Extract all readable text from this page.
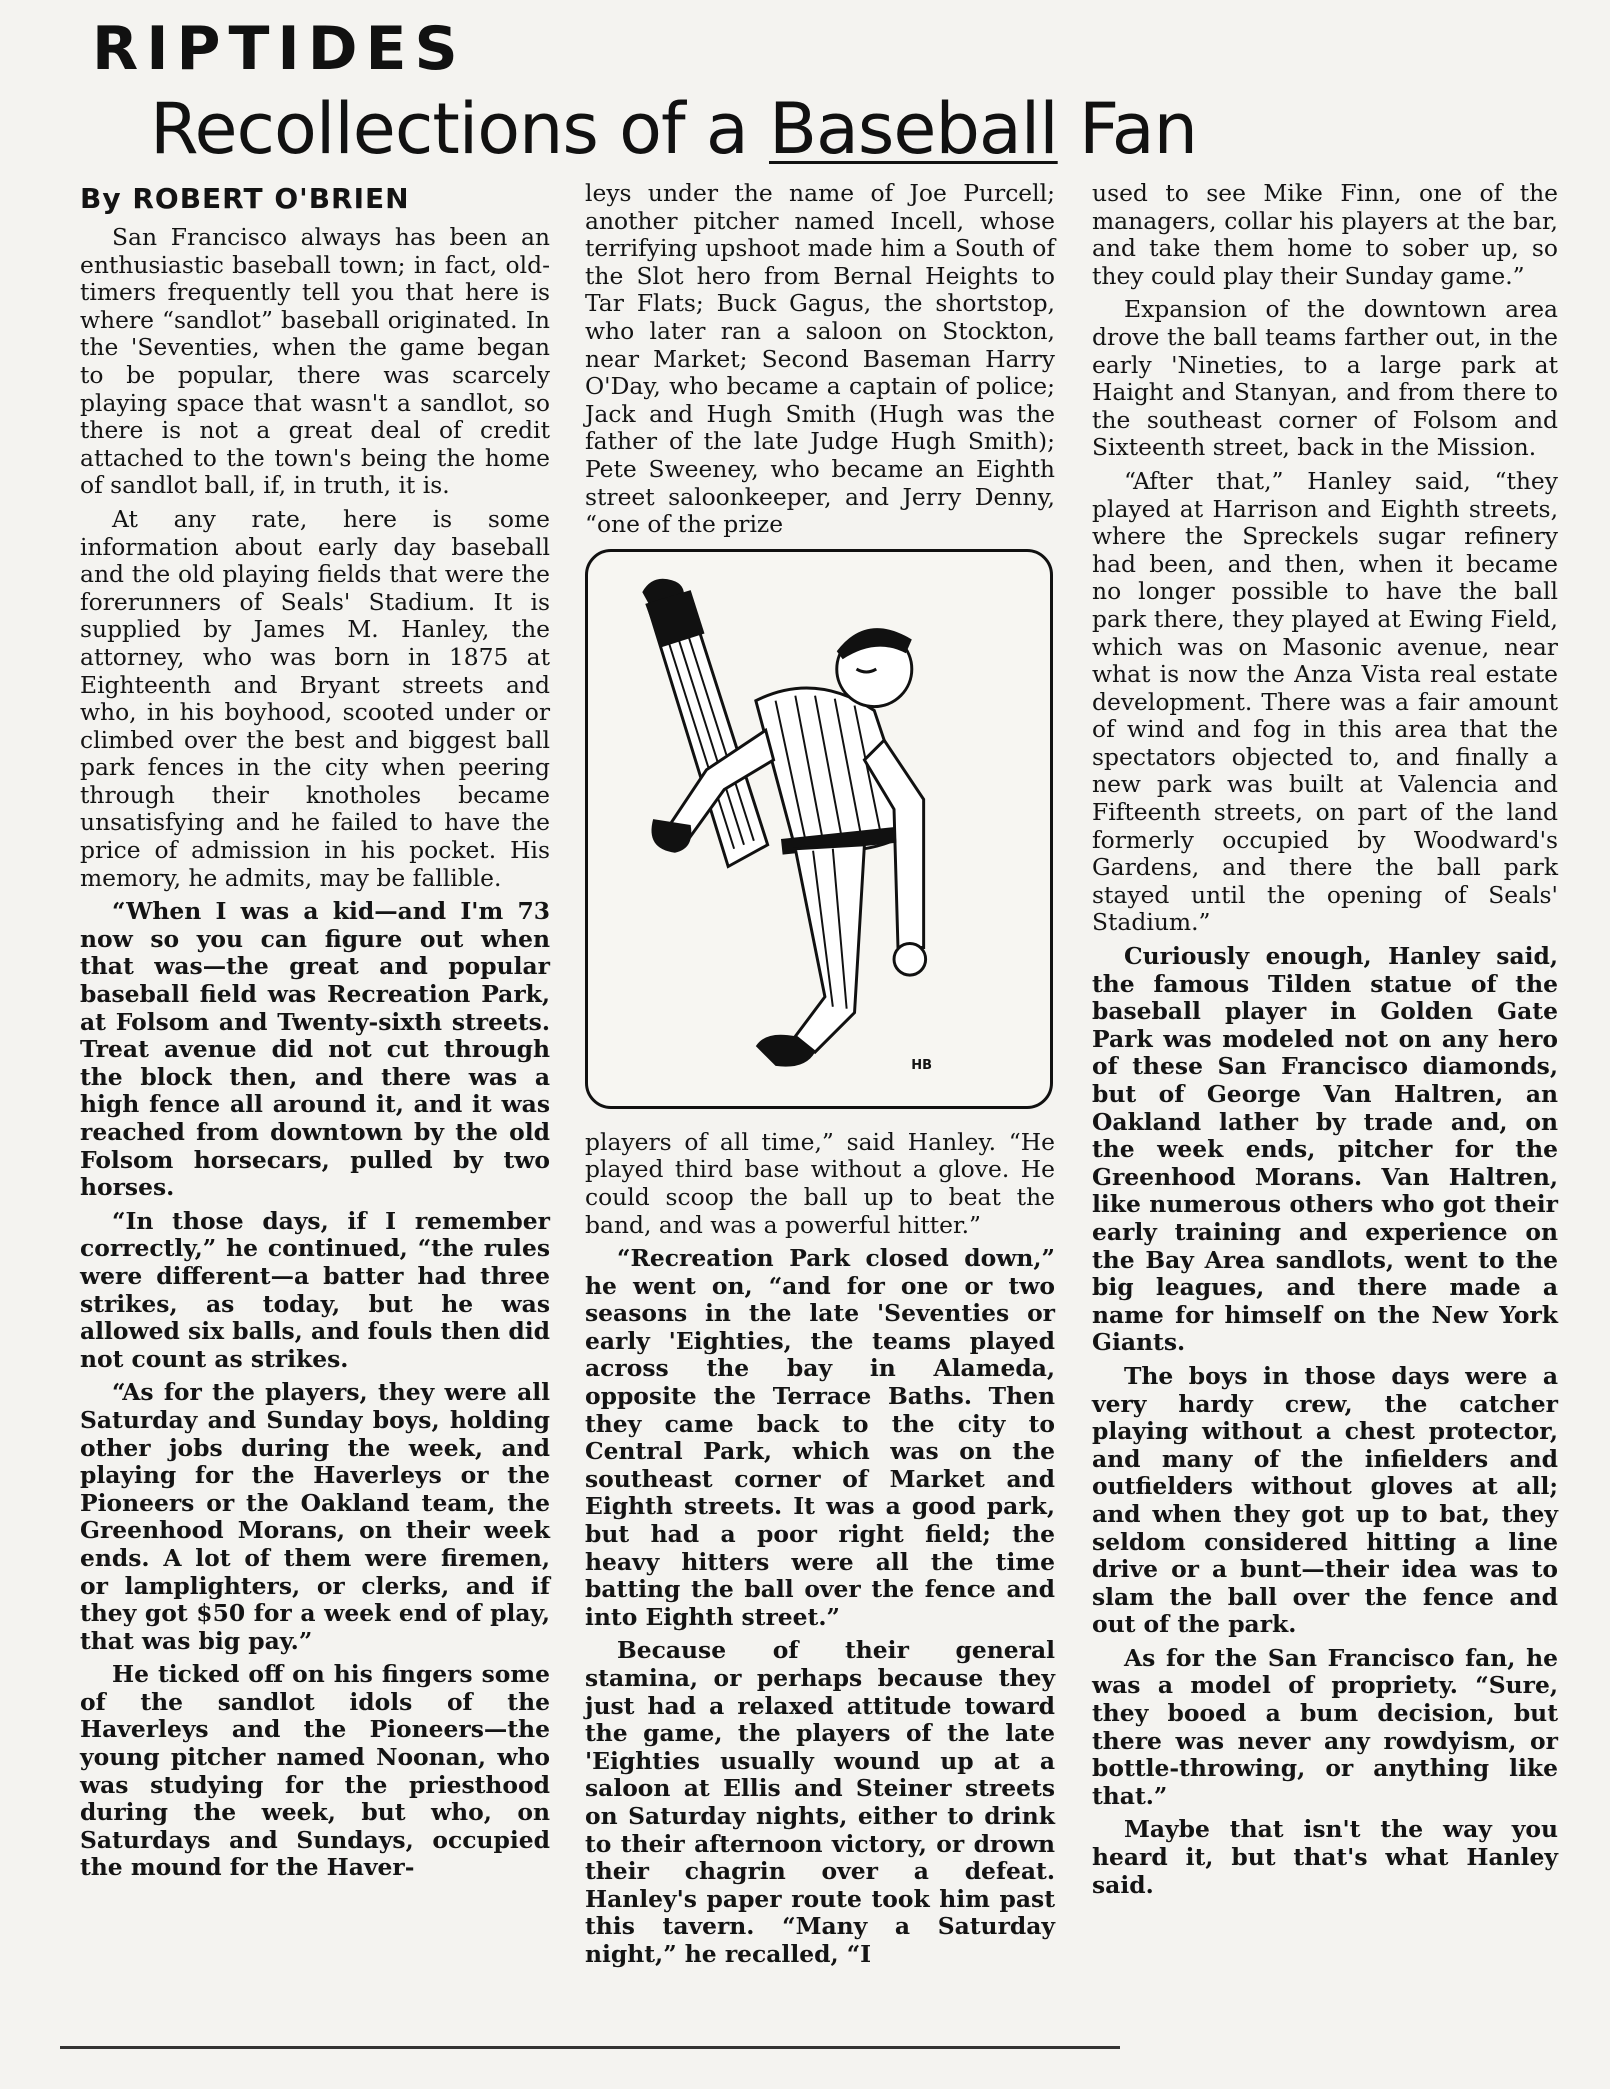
RIPTIDES
Recollections of a Baseball Fan
By ROBERT O'BRIEN

San Francisco always has been an enthusiastic baseball town; in fact, old-timers frequently tell you that here is where “sandlot” baseball originated. In the 'Seventies, when the game began to be popular, there was scarcely playing space that wasn't a sandlot, so there is not a great deal of credit attached to the town's being the home of sandlot ball, if, in truth, it is.

At any rate, here is some information about early day baseball and the old playing fields that were the forerunners of Seals' Stadium. It is supplied by James M. Hanley, the attorney, who was born in 1875 at Eighteenth and Bryant streets and who, in his boyhood, scooted under or climbed over the best and biggest ball park fences in the city when peering through their knotholes became unsatisfying and he failed to have the price of admission in his pocket. His memory, he admits, may be fallible.

“When I was a kid—and I'm 73 now so you can figure out when that was—the great and popular baseball field was Recreation Park, at Folsom and Twenty-sixth streets. Treat avenue did not cut through the block then, and there was a high fence all around it, and it was reached from downtown by the old Folsom horsecars, pulled by two horses.

“In those days, if I remember correctly,” he continued, “the rules were different—a batter had three strikes, as today, but he was allowed six balls, and fouls then did not count as strikes.

“As for the players, they were all Saturday and Sunday boys, holding other jobs during the week, and playing for the Haverleys or the Pioneers or the Oakland team, the Greenhood Morans, on their week ends. A lot of them were firemen, or lamplighters, or clerks, and if they got $50 for a week end of play, that was big pay.”

He ticked off on his fingers some of the sandlot idols of the Haverleys and the Pioneers—the young pitcher named Noonan, who was studying for the priesthood during the week, but who, on Saturdays and Sundays, occupied the mound for the Haver-

leys under the name of Joe Purcell; another pitcher named Incell, whose terrifying upshoot made him a South of the Slot hero from Bernal Heights to Tar Flats; Buck Gagus, the shortstop, who later ran a saloon on Stockton, near Market; Second Baseman Harry O'Day, who became a captain of police; Jack and Hugh Smith (Hugh was the father of the late Judge Hugh Smith); Pete Sweeney, who became an Eighth street saloonkeeper, and Jerry Denny, “one of the prize

HB

players of all time,” said Hanley. “He played third base without a glove. He could scoop the ball up to beat the band, and was a powerful hitter.”

“Recreation Park closed down,” he went on, “and for one or two seasons in the late 'Seventies or early 'Eighties, the teams played across the bay in Alameda, opposite the Terrace Baths. Then they came back to the city to Central Park, which was on the southeast corner of Market and Eighth streets. It was a good park, but had a poor right field; the heavy hitters were all the time batting the ball over the fence and into Eighth street.”

Because of their general stamina, or perhaps because they just had a relaxed attitude toward the game, the players of the late 'Eighties usually wound up at a saloon at Ellis and Steiner streets on Saturday nights, either to drink to their afternoon victory, or drown their chagrin over a defeat. Hanley's paper route took him past this tavern. “Many a Saturday night,” he recalled, “I

used to see Mike Finn, one of the managers, collar his players at the bar, and take them home to sober up, so they could play their Sunday game.”

Expansion of the downtown area drove the ball teams farther out, in the early 'Nineties, to a large park at Haight and Stanyan, and from there to the southeast corner of Folsom and Sixteenth street, back in the Mission.

“After that,” Hanley said, “they played at Harrison and Eighth streets, where the Spreckels sugar refinery had been, and then, when it became no longer possible to have the ball park there, they played at Ewing Field, which was on Masonic avenue, near what is now the Anza Vista real estate development. There was a fair amount of wind and fog in this area that the spectators objected to, and finally a new park was built at Valencia and Fifteenth streets, on part of the land formerly occupied by Woodward's Gardens, and there the ball park stayed until the opening of Seals' Stadium.”

Curiously enough, Hanley said, the famous Tilden statue of the baseball player in Golden Gate Park was modeled not on any hero of these San Francisco diamonds, but of George Van Haltren, an Oakland lather by trade and, on the week ends, pitcher for the Greenhood Morans. Van Haltren, like numerous others who got their early training and experience on the Bay Area sandlots, went to the big leagues, and there made a name for himself on the New York Giants.

The boys in those days were a very hardy crew, the catcher playing without a chest protector, and many of the infielders and outfielders without gloves at all; and when they got up to bat, they seldom considered hitting a line drive or a bunt—their idea was to slam the ball over the fence and out of the park.

As for the San Francisco fan, he was a model of propriety. “Sure, they booed a bum decision, but there was never any rowdyism, or bottle-throwing, or anything like that.”

Maybe that isn't the way you heard it, but that's what Hanley said.
